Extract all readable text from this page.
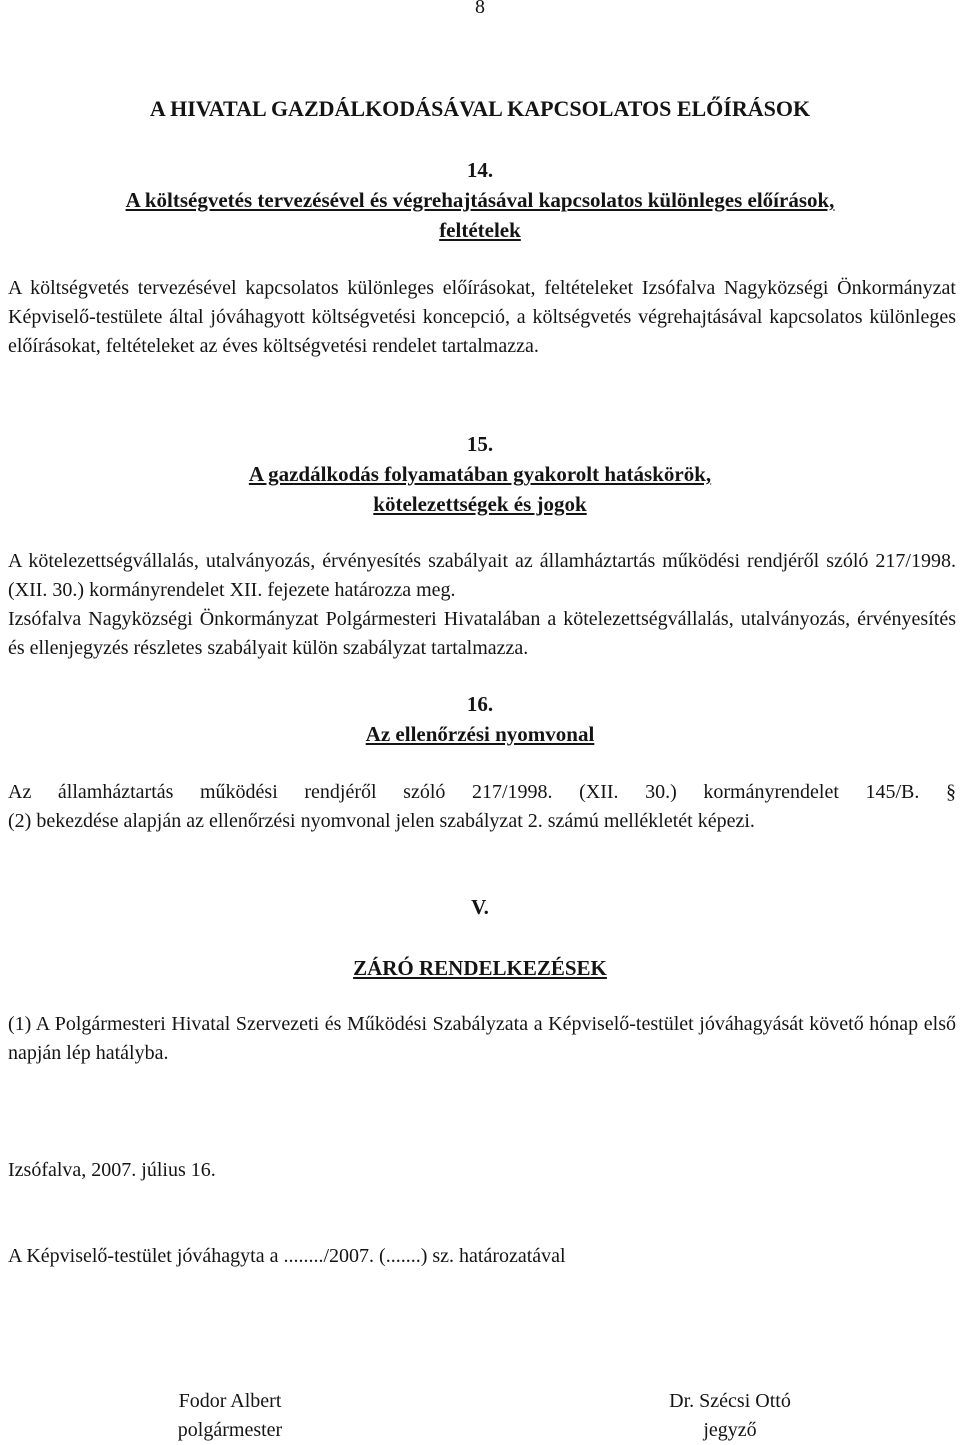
8
A HIVATAL GAZDÁLKODÁSÁVAL KAPCSOLATOS ELŐÍRÁSOK
14.
A költségvetés tervezésével és végrehajtásával kapcsolatos különleges előírások,
feltételek
A költségvetés tervezésével kapcsolatos különleges előírásokat, feltételeket Izsófalva Nagyközségi Önkormányzat Képviselő-testülete által jóváhagyott költségvetési koncepció, a költségvetés végrehajtásával kapcsolatos különleges előírásokat, feltételeket az éves költségvetési rendelet tartalmazza.
15.
A gazdálkodás folyamatában gyakorolt hatáskörök,
kötelezettségek és jogok
A kötelezettségvállalás, utalványozás, érvényesítés szabályait az államháztartás működési rendjéről szóló 217/1998. (XII. 30.) kormányrendelet XII. fejezete határozza meg.
Izsófalva Nagyközségi Önkormányzat Polgármesteri Hivatalában a kötelezettségvállalás, utalványozás, érvényesítés és ellenjegyzés részletes szabályait külön szabályzat tartalmazza.
16.
Az ellenőrzési nyomvonal
Az államháztartás működési rendjéről szóló 217/1998. (XII. 30.) kormányrendelet 145/B. §
(2) bekezdése alapján az ellenőrzési nyomvonal jelen szabályzat 2. számú mellékletét képezi.
V.
ZÁRÓ RENDELKEZÉSEK
(1) A Polgármesteri Hivatal Szervezeti és Működési Szabályzata a Képviselő-testület jóváhagyását követő hónap első napján lép hatályba.
Izsófalva, 2007. július 16.
A Képviselő-testület jóváhagyta a ......../2007. (.......) sz. határozatával
Fodor Albert
polgármester
Dr. Szécsi Ottó
jegyző
